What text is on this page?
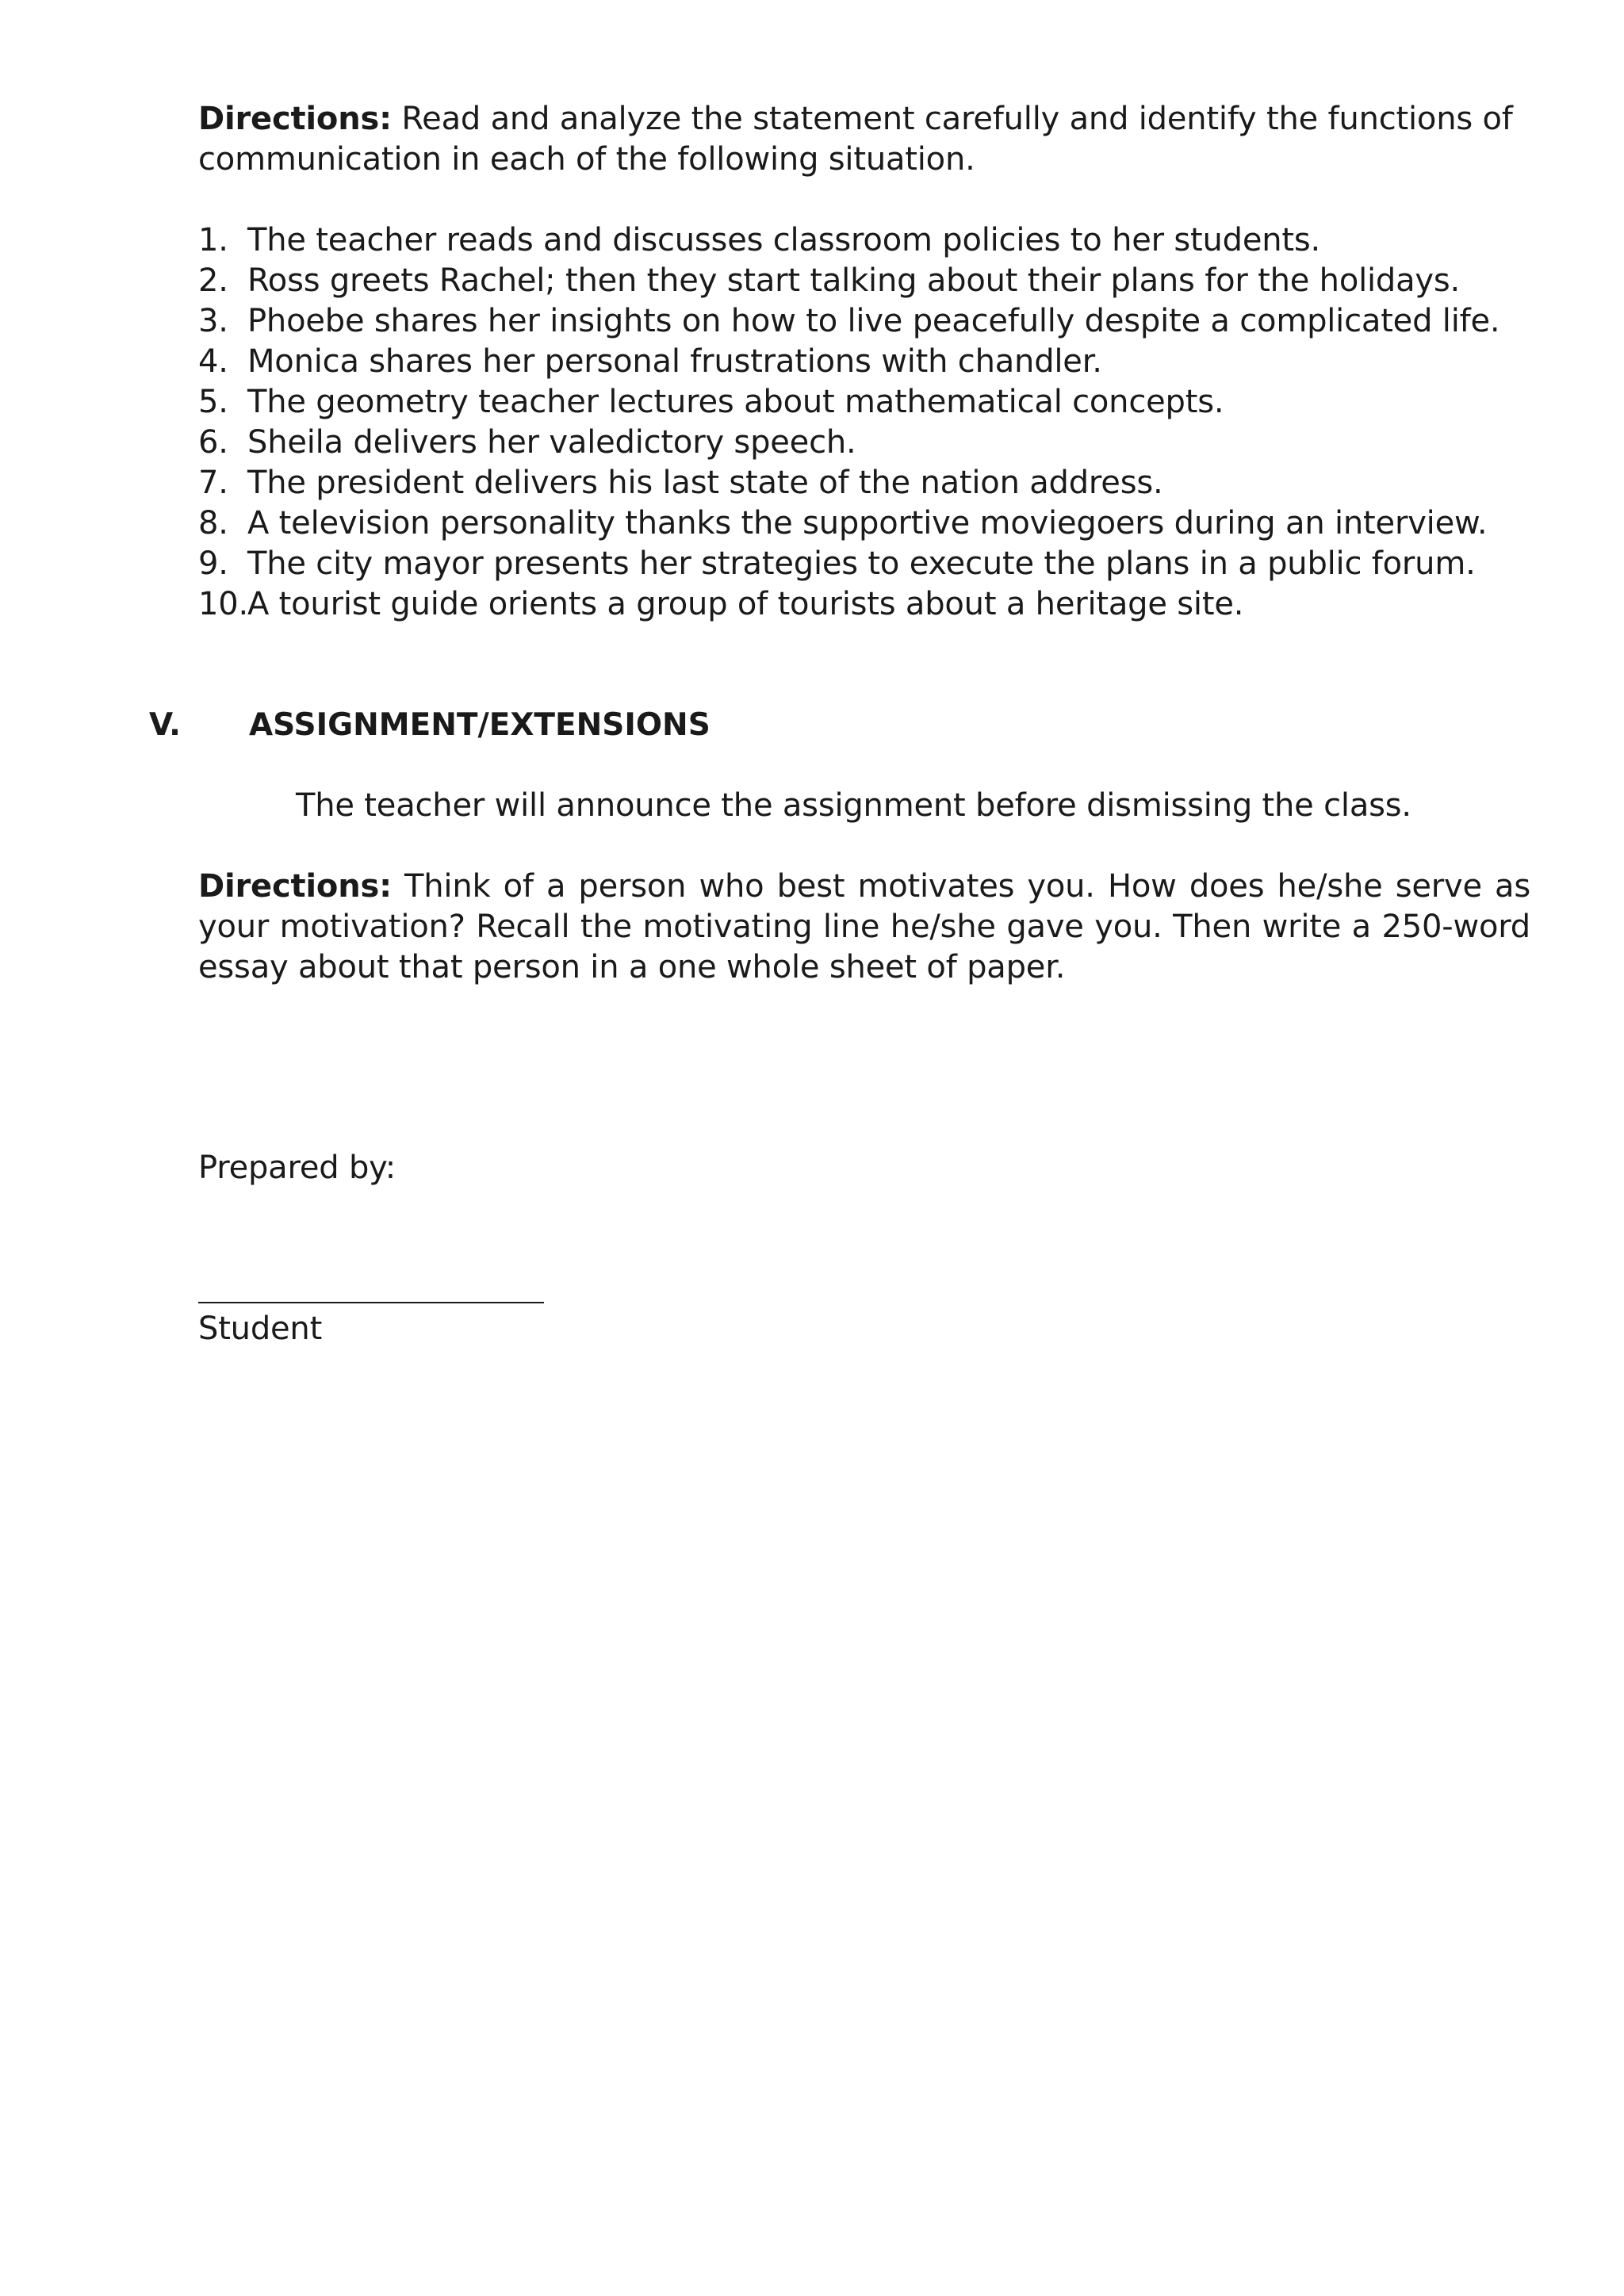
Directions: Read and analyze the statement carefully and identify the functions of communication in each of the following situation.

1. The teacher reads and discusses classroom policies to her students.
2. Ross greets Rachel; then they start talking about their plans for the holidays.
3. Phoebe shares her insights on how to live peacefully despite a complicated life.
4. Monica shares her personal frustrations with chandler.
5. The geometry teacher lectures about mathematical concepts.
6. Sheila delivers her valedictory speech.
7. The president delivers his last state of the nation address.
8. A television personality thanks the supportive moviegoers during an interview.
9. The city mayor presents her strategies to execute the plans in a public forum.
10.
A tourist guide orients a group of tourists about a heritage site.
V. ASSIGNMENT/EXTENSIONS
The teacher will announce the assignment before dismissing the class.

Directions: Think of a person who best motivates you. How does he/she serve as your motivation? Recall the motivating line he/she gave you. Then write a 250-word essay about that person in a one whole sheet of paper.

Prepared by:
Student
